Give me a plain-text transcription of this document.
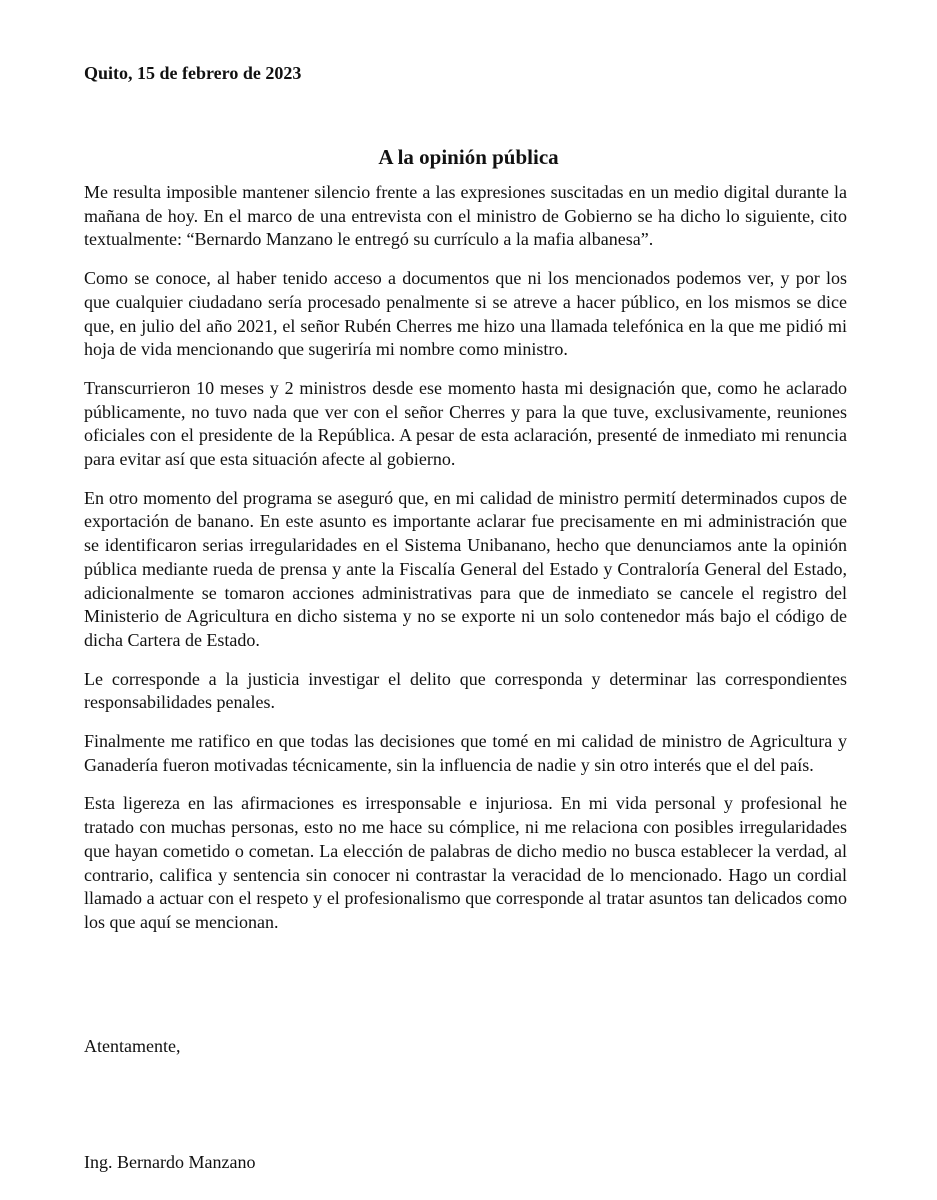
Quito, 15 de febrero de 2023

A la opinión pública

Me resulta imposible mantener silencio frente a las expresiones suscitadas en un medio digital durante la mañana de hoy. En el marco de una entrevista con el ministro de Gobierno se ha dicho lo siguiente, cito textualmente: “Bernardo Manzano le entregó su currículo a la mafia albanesa”.

Como se conoce, al haber tenido acceso a documentos que ni los mencionados podemos ver, y por los que cualquier ciudadano sería procesado penalmente si se atreve a hacer público, en los mismos se dice que, en julio del año 2021, el señor Rubén Cherres me hizo una llamada telefónica en la que me pidió mi hoja de vida mencionando que sugeriría mi nombre como ministro.

Transcurrieron 10 meses y 2 ministros desde ese momento hasta mi designación que, como he aclarado públicamente, no tuvo nada que ver con el señor Cherres y para la que tuve, exclusivamente, reuniones oficiales con el presidente de la República. A pesar de esta aclaración, presenté de inmediato mi renuncia para evitar así que esta situación afecte al gobierno.

En otro momento del programa se aseguró que, en mi calidad de ministro permití determinados cupos de exportación de banano. En este asunto es importante aclarar fue precisamente en mi administración que se identificaron serias irregularidades en el Sistema Unibanano, hecho que denunciamos ante la opinión pública mediante rueda de prensa y ante la Fiscalía General del Estado y Contraloría General del Estado, adicionalmente se tomaron acciones administrativas para que de inmediato se cancele el registro del Ministerio de Agricultura en dicho sistema y no se exporte ni un solo contenedor más bajo el código de dicha Cartera de Estado.

Le corresponde a la justicia investigar el delito que corresponda y determinar las correspondientes responsabilidades penales.

Finalmente me ratifico en que todas las decisiones que tomé en mi calidad de ministro de Agricultura y Ganadería fueron motivadas técnicamente, sin la influencia de nadie y sin otro interés que el del país.

Esta ligereza en las afirmaciones es irresponsable e injuriosa. En mi vida personal y profesional he tratado con muchas personas, esto no me hace su cómplice, ni me relaciona con posibles irregularidades que hayan cometido o cometan. La elección de palabras de dicho medio no busca establecer la verdad, al contrario, califica y sentencia sin conocer ni contrastar la veracidad de lo mencionado. Hago un cordial llamado a actuar con el respeto y el profesionalismo que corresponde al tratar asuntos tan delicados como los que aquí se mencionan.

Atentamente,

Ing. Bernardo Manzano
